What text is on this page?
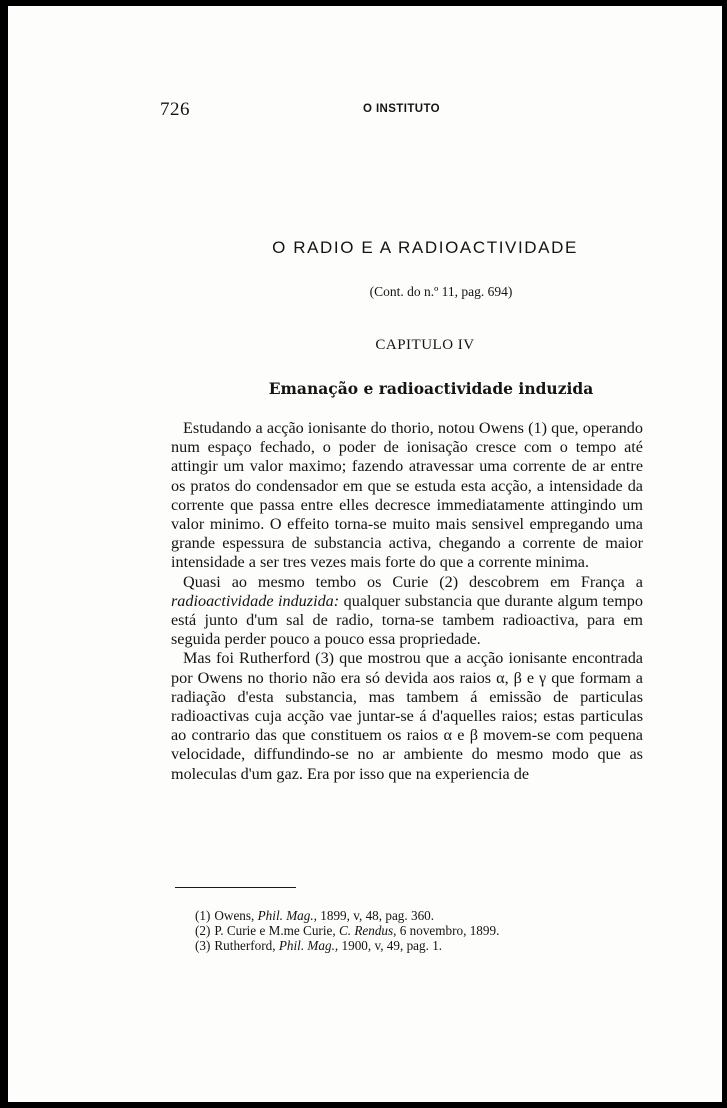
726	O INSTITUTO
O RADIO E A RADIOACTIVIDADE
(Cont. do n.º 11, pag. 694)
CAPITULO IV
Emanação e radioactividade induzida

Estudando a acção ionisante do thorio, notou Owens (1) que, operando num espaço fechado, o poder de ionisação cresce com o tempo até attingir um valor maximo; fazendo atravessar uma corrente de ar entre os pratos do condensador em que se estuda esta acção, a intensidade da corrente que passa entre elles decresce immediatamente attingindo um valor minimo. O effeito torna-se muito mais sensivel empregando uma grande espessura de substancia activa, chegando a corrente de maior intensidade a ser tres vezes mais forte do que a corrente minima.

Quasi ao mesmo tembo os Curie (2) descobrem em França a radioactividade induzida: qualquer substancia que durante algum tempo está junto d'um sal de radio, torna-se tambem radioactiva, para em seguida perder pouco a pouco essa propriedade.

Mas foi Rutherford (3) que mostrou que a acção ionisante encontrada por Owens no thorio não era só devida aos raios α, β e γ que formam a radiação d'esta substancia, mas tambem á emissão de particulas radioactivas cuja acção vae juntar-se á d'aquelles raios; estas particulas ao contrario das que constituem os raios α e β movem-se com pequena velocidade, diffundindo-se no ar ambiente do mesmo modo que as moleculas d'um gaz. Era por isso que na experiencia de

(1) Owens, Phil. Mag., 1899, v, 48, pag. 360.
(2) P. Curie e M.me Curie, C. Rendus, 6 novembro, 1899.
(3) Rutherford, Phil. Mag., 1900, v, 49, pag. 1.
